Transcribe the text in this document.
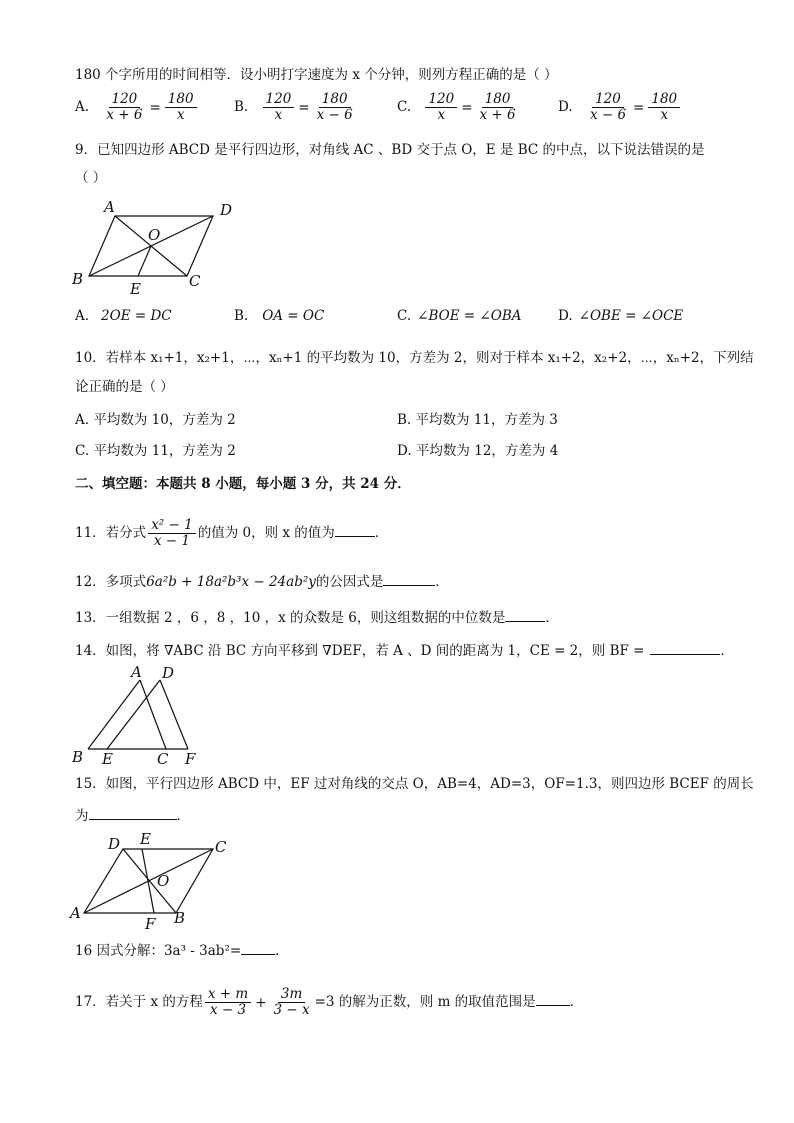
180 个字所用的时间相等．设小明打字速度为 x 个分钟，则列方程正确的是（ ）
A. $\frac{120}{x + 6} = \frac{180}{x}$	B. $\frac{120}{x} = \frac{180}{x - 6}$	C. $\frac{120}{x} = \frac{180}{x + 6}$	D. $\frac{120}{x - 6} = \frac{180}{x}$
9．已知四边形 ABCD 是平行四边形，对角线 AC 、BD 交于点 O，E 是 BC 的中点，以下说法错误的是
（ ）
A	D
O
B
E	C
A. 2OE = DC	B. OA = OC	C. ∠BOE = ∠OBA	D. ∠OBE = ∠OCE
10．若样本 x₁+1，x₂+1，⋯，xₙ+1 的平均数为 10，方差为 2，则对于样本 x₁+2，x₂+2，⋯，xₙ+2，下列结
论正确的是（ ）
A. 平均数为 10，方差为 2	B. 平均数为 11，方差为 3
C. 平均数为 11，方差为 2	D. 平均数为 12，方差为 4
二、填空题：本题共 8 小题，每小题 3 分，共 24 分．
11．若分式 $\frac{\text{x² − 1}}{x - 1}$ 的值为 0，则 x 的值为	．
12．多项式6a²b + 18a²b³x − 24ab²y的公因式是	．
13．一组数据 2 ，6 ，8 ，10 ，x 的众数是 6，则这组数据的中位数是	．
14．如图，将 ∇ABC 沿 BC 方向平移到 ∇DEF，若 A 、D 间的距离为 1，CE = 2，则 BF =	．
A D
B E	C F
15．如图，平行四边形 ABCD 中，EF 过对角线的交点 O，AB=4，AD=3，OF=1.3，则四边形 BCEF 的周长
为	．
D E	C
O
A
F B
16 因式分解：3a³ - 3ab²=	．
17．若关于 x 的方程 $\frac{x + m}{x - 3} + \frac{3m}{3 - x} =3$ 的解为正数，则 m 的取值范围是	．
